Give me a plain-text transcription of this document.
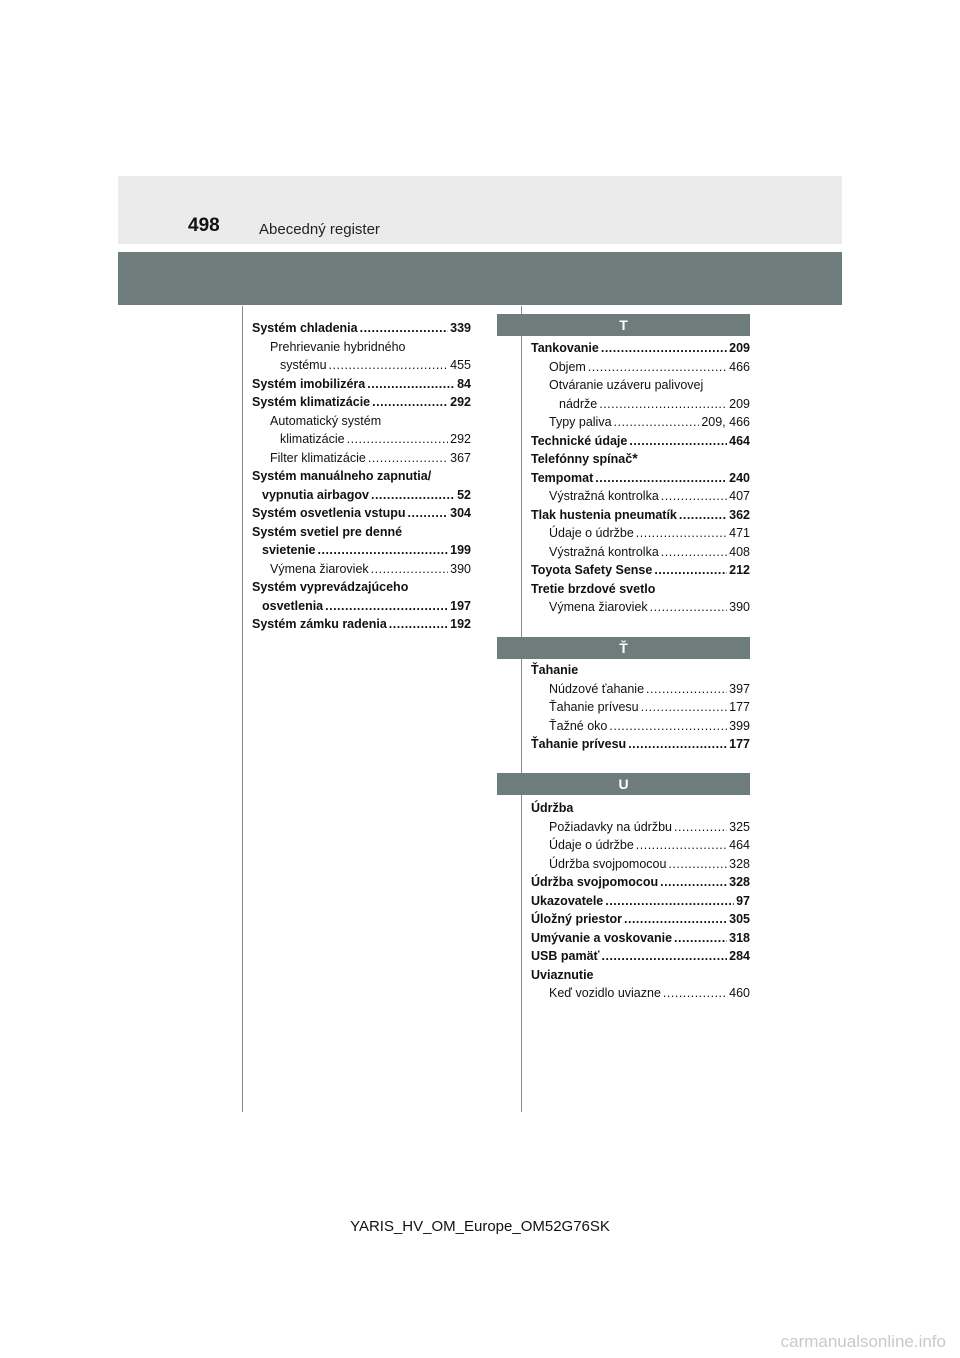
498	Abecedný register
Systém chladenia .....	339
Prehrievanie hybridného
systému .....	455
Systém imobilizéra .....	84
Systém klimatizácie .....	292
Automatický systém
klimatizácie .....	292
Filter klimatizácie .....	367
Systém manuálneho zapnutia/
vypnutia airbagov .....	52
Systém osvetlenia vstupu .....	304
Systém svetiel pre denné
svietenie .....	199
Výmena žiaroviek .....	390
Systém vyprevádzajúceho
osvetlenia .....	197
Systém zámku radenia .....	192
T
Tankovanie .....	209
Objem .....	466
Otváranie uzáveru palivovej
nádrže .....	209
Typy paliva .....	209, 466
Technické údaje .....	464
Telefónny spínač *
Tempomat .....	240
Výstražná kontrolka .....	407
Tlak hustenia pneumatík .....	362
Údaje o údržbe .....	471
Výstražná kontrolka .....	408
Toyota Safety Sense .....	212
Tretie brzdové svetlo
Výmena žiaroviek .....	390
Ť
Ťahanie
Núdzové ťahanie .....	397
Ťahanie prívesu .....	177
Ťažné oko .....	399
Ťahanie prívesu .....	177
U
Údržba
Požiadavky na údržbu .....	325
Údaje o údržbe .....	464
Údržba svojpomocou .....	328
Údržba svojpomocou .....	328
Ukazovatele .....	97
Úložný priestor .....	305
Umývanie a voskovanie .....	318
USB pamäť .....	284
Uviaznutie
Keď vozidlo uviazne .....	460
YARIS_HV_OM_Europe_OM52G76SK
carmanualsonline.info
